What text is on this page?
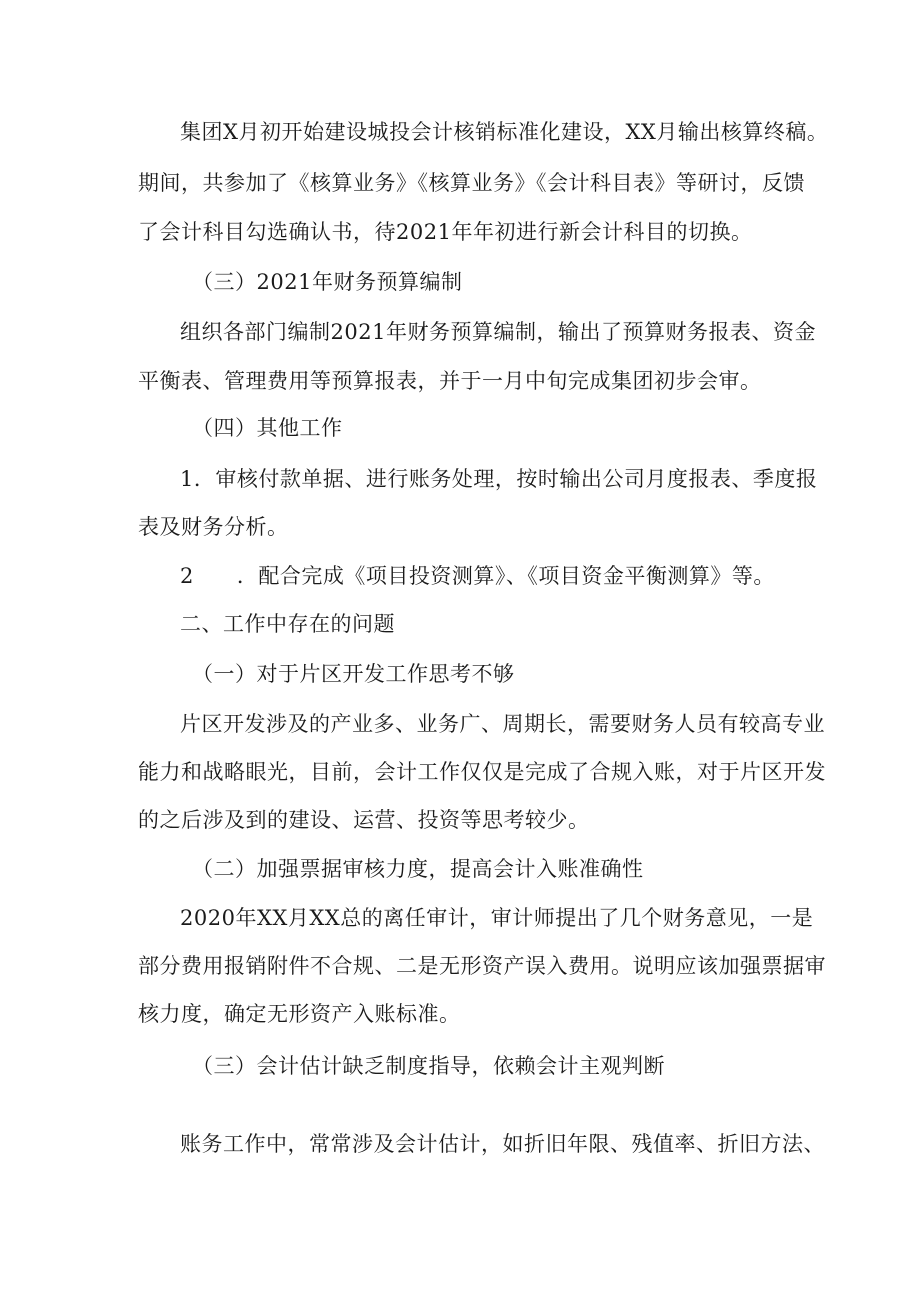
集团X月初开始建设城投会计核销标准化建设，XX月输出核算终稿。
期间，共参加了《核算业务》《核算业务》《会计科目表》等研讨，反馈
了会计科目勾选确认书，待2021年年初进行新会计科目的切换。
（三）2021年财务预算编制
组织各部门编制2021年财务预算编制，输出了预算财务报表、资金
平衡表、管理费用等预算报表，并于一月中旬完成集团初步会审。
（四）其他工作
1．审核付款单据、进行账务处理，按时输出公司月度报表、季度报
表及财务分析。
2　　．配合完成《项目投资测算》、《项目资金平衡测算》等。
二、工作中存在的问题
（一）对于片区开发工作思考不够
片区开发涉及的产业多、业务广、周期长，需要财务人员有较高专业
能力和战略眼光，目前，会计工作仅仅是完成了合规入账，对于片区开发
的之后涉及到的建设、运营、投资等思考较少。
（二）加强票据审核力度，提高会计入账准确性
2020年XX月XX总的离任审计，审计师提出了几个财务意见，一是
部分费用报销附件不合规、二是无形资产误入费用。说明应该加强票据审
核力度，确定无形资产入账标准。
（三）会计估计缺乏制度指导，依赖会计主观判断
账务工作中，常常涉及会计估计，如折旧年限、残值率、折旧方法、
